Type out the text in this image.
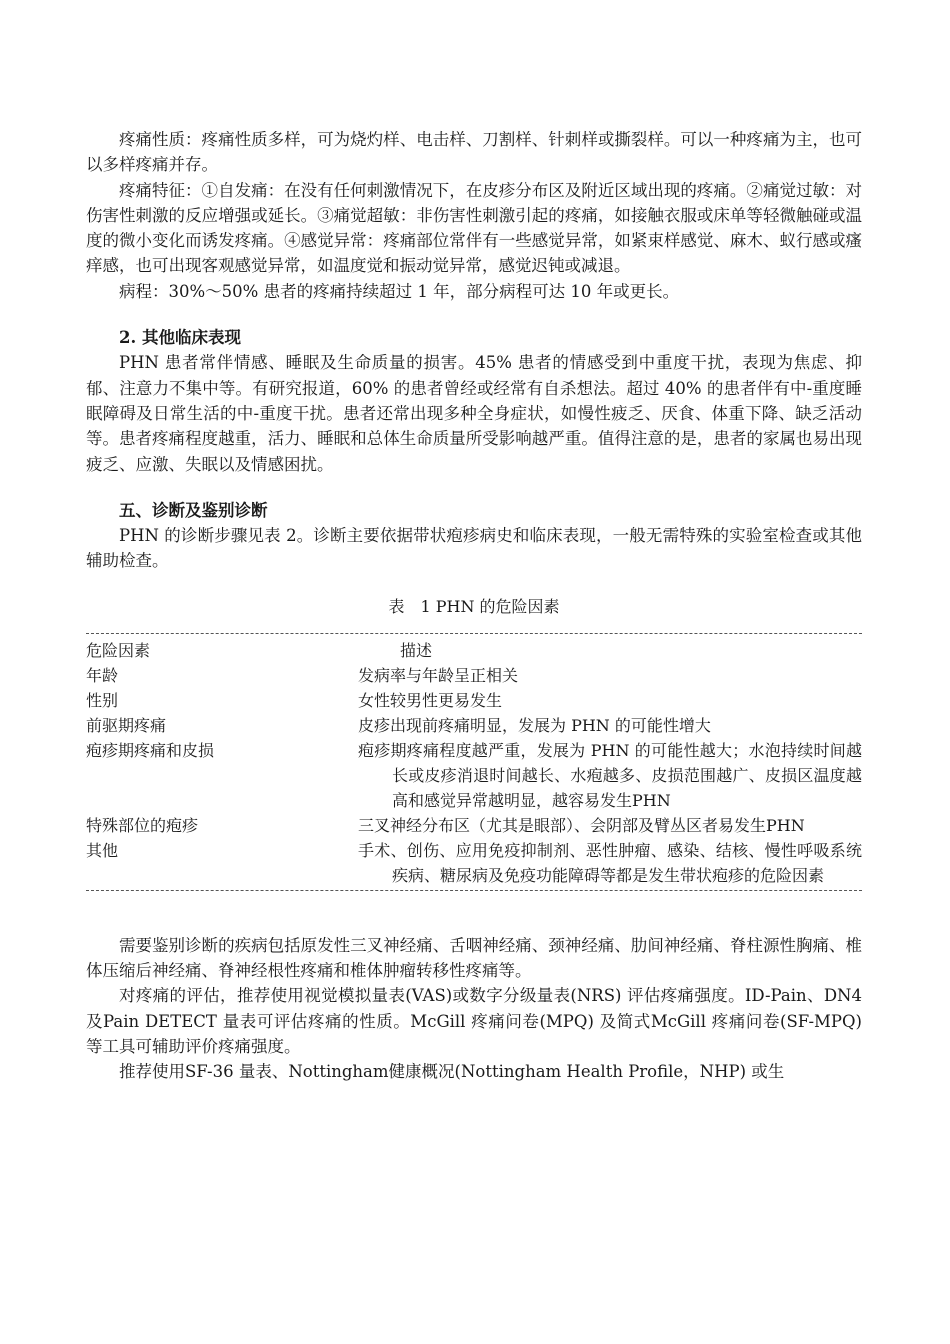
疼痛性质：疼痛性质多样，可为烧灼样、电击样、刀割样、针刺样或撕裂样。可以一种疼痛为主，也可以多样疼痛并存。

疼痛特征：①自发痛：在没有任何刺激情况下，在皮疹分布区及附近区域出现的疼痛。②痛觉过敏：对伤害性刺激的反应增强或延长。③痛觉超敏：非伤害性刺激引起的疼痛，如接触衣服或床单等轻微触碰或温度的微小变化而诱发疼痛。④感觉异常：疼痛部位常伴有一些感觉异常，如紧束样感觉、麻木、蚁行感或瘙痒感，也可出现客观感觉异常，如温度觉和振动觉异常，感觉迟钝或减退。

病程：30%～50% 患者的疼痛持续超过 1 年，部分病程可达 10 年或更长。

2. 其他临床表现

PHN 患者常伴情感、睡眠及生命质量的损害。45% 患者的情感受到中重度干扰，表现为焦虑、抑郁、注意力不集中等。有研究报道，60% 的患者曾经或经常有自杀想法。超过 40% 的患者伴有中-重度睡眠障碍及日常生活的中-重度干扰。患者还常出现多种全身症状，如慢性疲乏、厌食、体重下降、缺乏活动等。患者疼痛程度越重，活力、睡眠和总体生命质量所受影响越严重。值得注意的是，患者的家属也易出现疲乏、应激、失眠以及情感困扰。

五、诊断及鉴别诊断

PHN 的诊断步骤见表 2。诊断主要依据带状疱疹病史和临床表现，一般无需特殊的实验室检查或其他辅助检查。

表　1 PHN 的危险因素
危险因素	描述
年龄	发病率与年龄呈正相关

性别	女性较男性更易发生

前驱期疼痛	皮疹出现前疼痛明显，发展为 PHN 的可能性增大

疱疹期疼痛和皮损	疱疹期疼痛程度越严重，发展为 PHN 的可能性越大；水泡持续时间越长或皮疹消退时间越长、水疱越多、皮损范围越广、皮损区温度越高和感觉异常越明显，越容易发生PHN

特殊部位的疱疹	三叉神经分布区（尤其是眼部）、会阴部及臂丛区者易发生PHN

其他	手术、创伤、应用免疫抑制剂、恶性肿瘤、感染、结核、慢性呼吸系统疾病、糖尿病及免疫功能障碍等都是发生带状疱疹的危险因素

需要鉴别诊断的疾病包括原发性三叉神经痛、舌咽神经痛、颈神经痛、肋间神经痛、脊柱源性胸痛、椎体压缩后神经痛、脊神经根性疼痛和椎体肿瘤转移性疼痛等。

对疼痛的评估，推荐使用视觉模拟量表(VAS)或数字分级量表(NRS) 评估疼痛强度。ID-Pain、DN4 及Pain DETECT 量表可评估疼痛的性质。McGill 疼痛问卷(MPQ) 及简式McGill 疼痛问卷(SF-MPQ) 等工具可辅助评价疼痛强度。

推荐使用SF-36 量表、Nottingham健康概况(Nottingham Health Profile，NHP) 或生
